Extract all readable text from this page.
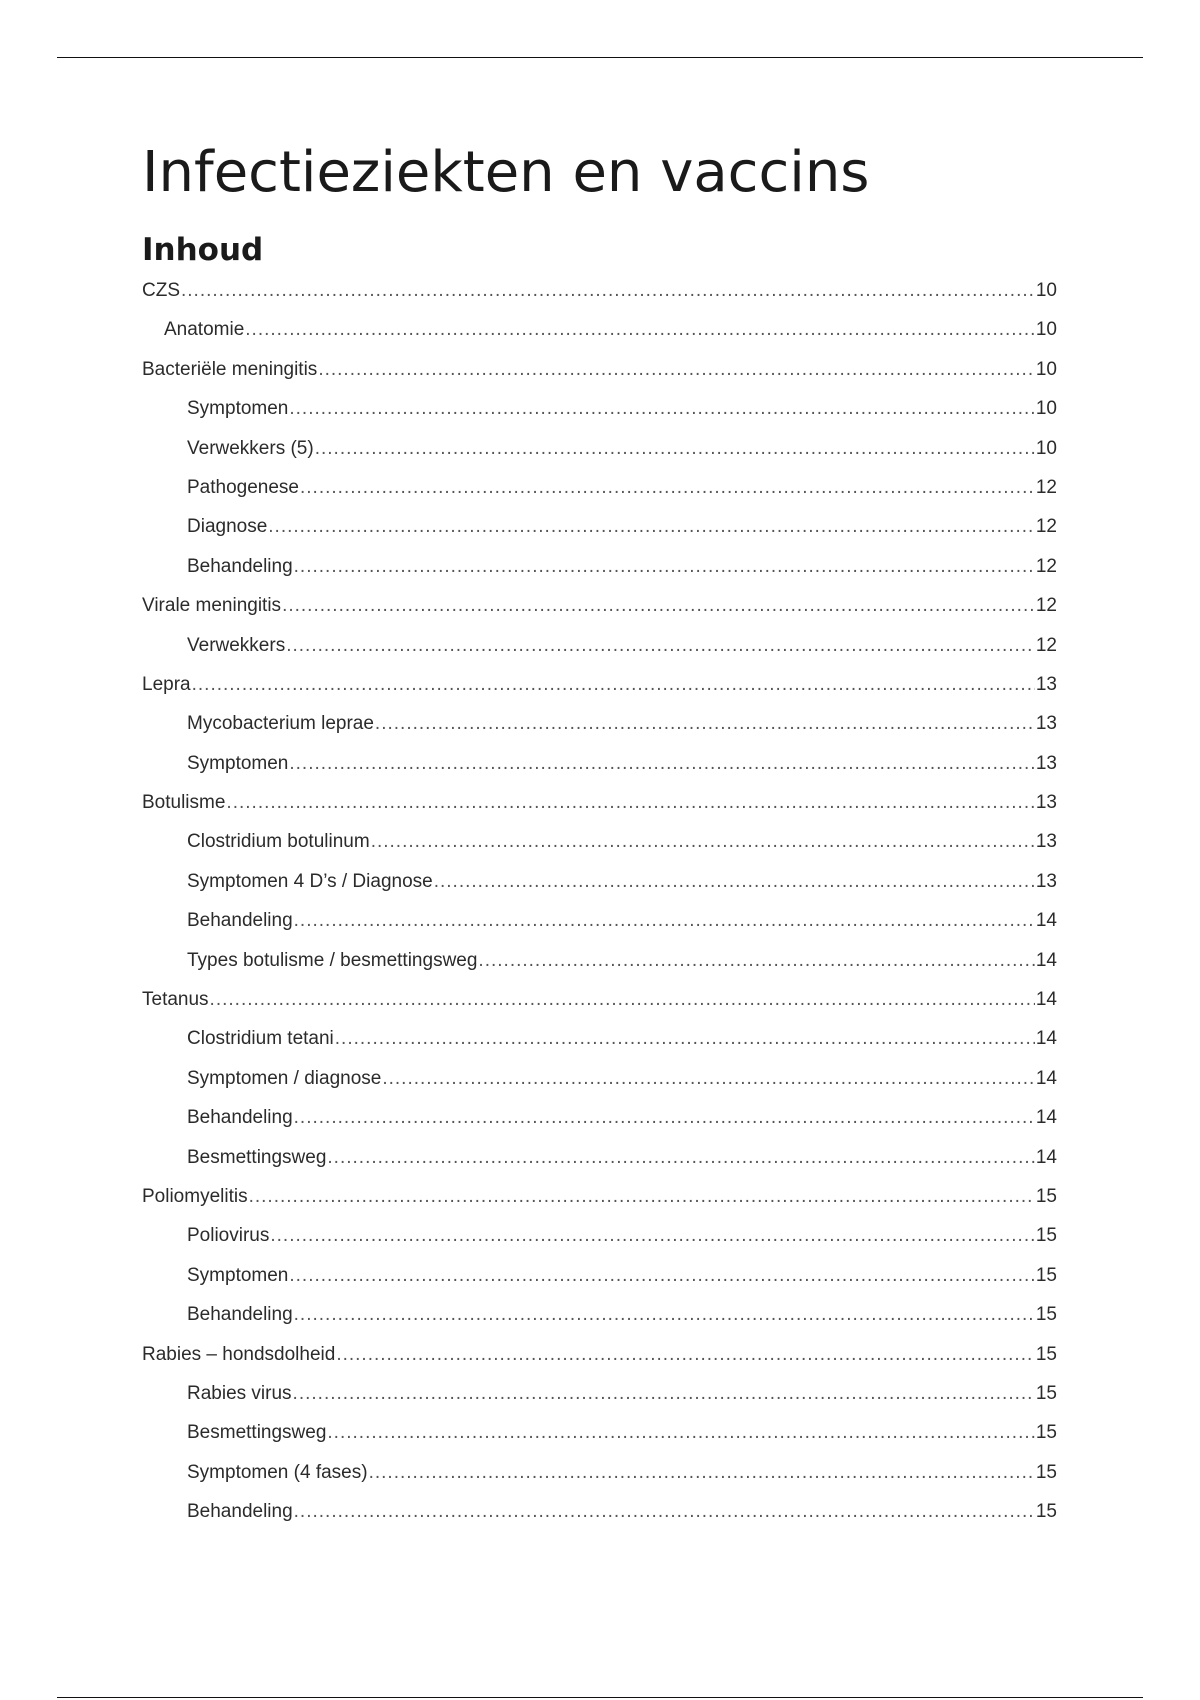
Infectieziekten en vaccins
Inhoud
CZS .....	10
Anatomie .....	10
Bacteriële meningitis .....	10
Symptomen .....	10
Verwekkers (5) .....	10
Pathogenese .....	12
Diagnose .....	12
Behandeling .....	12
Virale meningitis .....	12
Verwekkers .....	12
Lepra .....	13
Mycobacterium leprae .....	13
Symptomen .....	13
Botulisme .....	13
Clostridium botulinum .....	13
Symptomen 4 D’s / Diagnose .....	13
Behandeling .....	14
Types botulisme / besmettingsweg .....	14
Tetanus .....	14
Clostridium tetani .....	14
Symptomen / diagnose .....	14
Behandeling .....	14
Besmettingsweg .....	14
Poliomyelitis .....	15
Poliovirus .....	15
Symptomen .....	15
Behandeling .....	15
Rabies – hondsdolheid .....	15
Rabies virus .....	15
Besmettingsweg .....	15
Symptomen (4 fases) .....	15
Behandeling .....	15
